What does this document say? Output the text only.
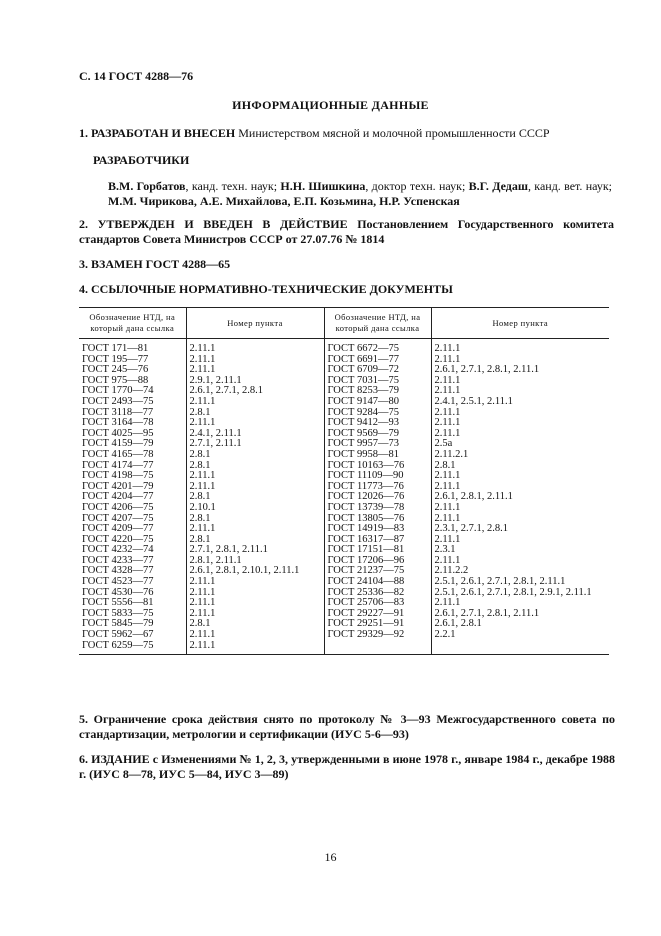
С. 14 ГОСТ 4288—76
ИНФОРМАЦИОННЫЕ ДАННЫЕ
1. РАЗРАБОТАН И ВНЕСЕН Министерством мясной и молочной промышленности СССР
РАЗРАБОТЧИКИ
В.М. Горбатов, канд. техн. наук; Н.Н. Шишкина, доктор техн. наук; В.Г. Дедаш, канд. вет. наук; М.М. Чирикова, А.Е. Михайлова, Е.П. Козьмина, Н.Р. Успенская
2. УТВЕРЖДЕН И ВВЕДЕН В ДЕЙСТВИЕ Постановлением Государственного комитета стандартов Совета Министров СССР от 27.07.76 № 1814
3. ВЗАМЕН ГОСТ 4288—65
4. ССЫЛОЧНЫЕ НОРМАТИВНО-ТЕХНИЧЕСКИЕ ДОКУМЕНТЫ
Обозначение НТД, на который дана ссылка	Номер пункта	Обозначение НТД, на который дана ссылка	Номер пункта
ГОСТ 171—81	2.11.1	ГОСТ 6672—75	2.11.1
ГОСТ 195—77	2.11.1	ГОСТ 6691—77	2.11.1
ГОСТ 245—76	2.11.1	ГОСТ 6709—72	2.6.1, 2.7.1, 2.8.1, 2.11.1
ГОСТ 975—88	2.9.1, 2.11.1	ГОСТ 7031—75	2.11.1
ГОСТ 1770—74	2.6.1, 2.7.1, 2.8.1	ГОСТ 8253—79	2.11.1
ГОСТ 2493—75	2.11.1	ГОСТ 9147—80	2.4.1, 2.5.1, 2.11.1
ГОСТ 3118—77	2.8.1	ГОСТ 9284—75	2.11.1
ГОСТ 3164—78	2.11.1	ГОСТ 9412—93	2.11.1
ГОСТ 4025—95	2.4.1, 2.11.1	ГОСТ 9569—79	2.11.1
ГОСТ 4159—79	2.7.1, 2.11.1	ГОСТ 9957—73	2.5а
ГОСТ 4165—78	2.8.1	ГОСТ 9958—81	2.11.2.1
ГОСТ 4174—77	2.8.1	ГОСТ 10163—76	2.8.1
ГОСТ 4198—75	2.11.1	ГОСТ 11109—90	2.11.1
ГОСТ 4201—79	2.11.1	ГОСТ 11773—76	2.11.1
ГОСТ 4204—77	2.8.1	ГОСТ 12026—76	2.6.1, 2.8.1, 2.11.1
ГОСТ 4206—75	2.10.1	ГОСТ 13739—78	2.11.1
ГОСТ 4207—75	2.8.1	ГОСТ 13805—76	2.11.1
ГОСТ 4209—77	2.11.1	ГОСТ 14919—83	2.3.1, 2.7.1, 2.8.1
ГОСТ 4220—75	2.8.1	ГОСТ 16317—87	2.11.1
ГОСТ 4232—74	2.7.1, 2.8.1, 2.11.1	ГОСТ 17151—81	2.3.1
ГОСТ 4233—77	2.8.1, 2.11.1	ГОСТ 17206—96	2.11.1
ГОСТ 4328—77	2.6.1, 2.8.1, 2.10.1, 2.11.1	ГОСТ 21237—75	2.11.2.2
ГОСТ 4523—77	2.11.1	ГОСТ 24104—88	2.5.1, 2.6.1, 2.7.1, 2.8.1, 2.11.1
ГОСТ 4530—76	2.11.1	ГОСТ 25336—82	2.5.1, 2.6.1, 2.7.1, 2.8.1, 2.9.1, 2.11.1
ГОСТ 5556—81	2.11.1	ГОСТ 25706—83	2.11.1
ГОСТ 5833—75	2.11.1	ГОСТ 29227—91	2.6.1, 2.7.1, 2.8.1, 2.11.1
ГОСТ 5845—79	2.8.1	ГОСТ 29251—91	2.6.1, 2.8.1
ГОСТ 5962—67	2.11.1	ГОСТ 29329—92	2.2.1
ГОСТ 6259—75	2.11.1		
5. Ограничение срока действия снято по протоколу № 3—93 Межгосударственного совета по стандартизации, метрологии и сертификации (ИУС 5-6—93)
6. ИЗДАНИЕ с Изменениями № 1, 2, 3, утвержденными в июне 1978 г., январе 1984 г., декабре 1988 г. (ИУС 8—78, ИУС 5—84, ИУС 3—89)
16
